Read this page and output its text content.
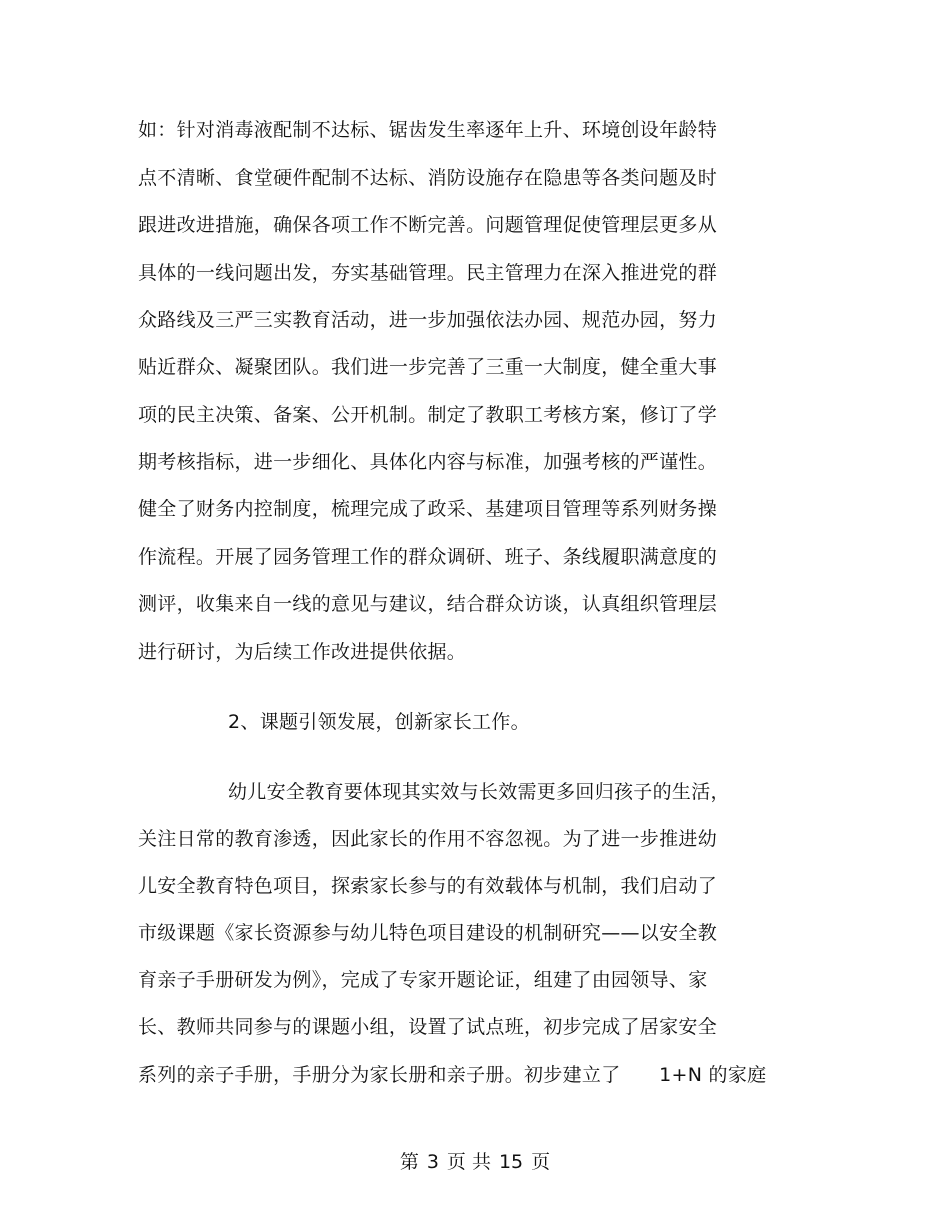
如：针对消毒液配制不达标、锯齿发生率逐年上升、环境创设年龄特
点不清晰、食堂硬件配制不达标、消防设施存在隐患等各类问题及时
跟进改进措施，确保各项工作不断完善。问题管理促使管理层更多从
具体的一线问题出发，夯实基础管理。民主管理力在深入推进党的群
众路线及三严三实教育活动，进一步加强依法办园、规范办园，努力
贴近群众、凝聚团队。我们进一步完善了三重一大制度，健全重大事
项的民主决策、备案、公开机制。制定了教职工考核方案，修订了学
期考核指标，进一步细化、具体化内容与标准，加强考核的严谨性。
健全了财务内控制度，梳理完成了政采、基建项目管理等系列财务操
作流程。开展了园务管理工作的群众调研、班子、条线履职满意度的
测评，收集来自一线的意见与建议，结合群众访谈，认真组织管理层
进行研讨，为后续工作改进提供依据。
2、课题引领发展，创新家长工作。
幼儿安全教育要体现其实效与长效需更多回归孩子的生活，
关注日常的教育渗透，因此家长的作用不容忽视。为了进一步推进幼
儿安全教育特色项目，探索家长参与的有效载体与机制，我们启动了
市级课题《家长资源参与幼儿特色项目建设的机制研究——以安全教
育亲子手册研发为例》，完成了专家开题论证，组建了由园领导、家
长、教师共同参与的课题小组，设置了试点班，初步完成了居家安全
系列的亲子手册，手册分为家长册和亲子册。初步建立了　　1+N 的家庭
第 3 页 共 15 页
